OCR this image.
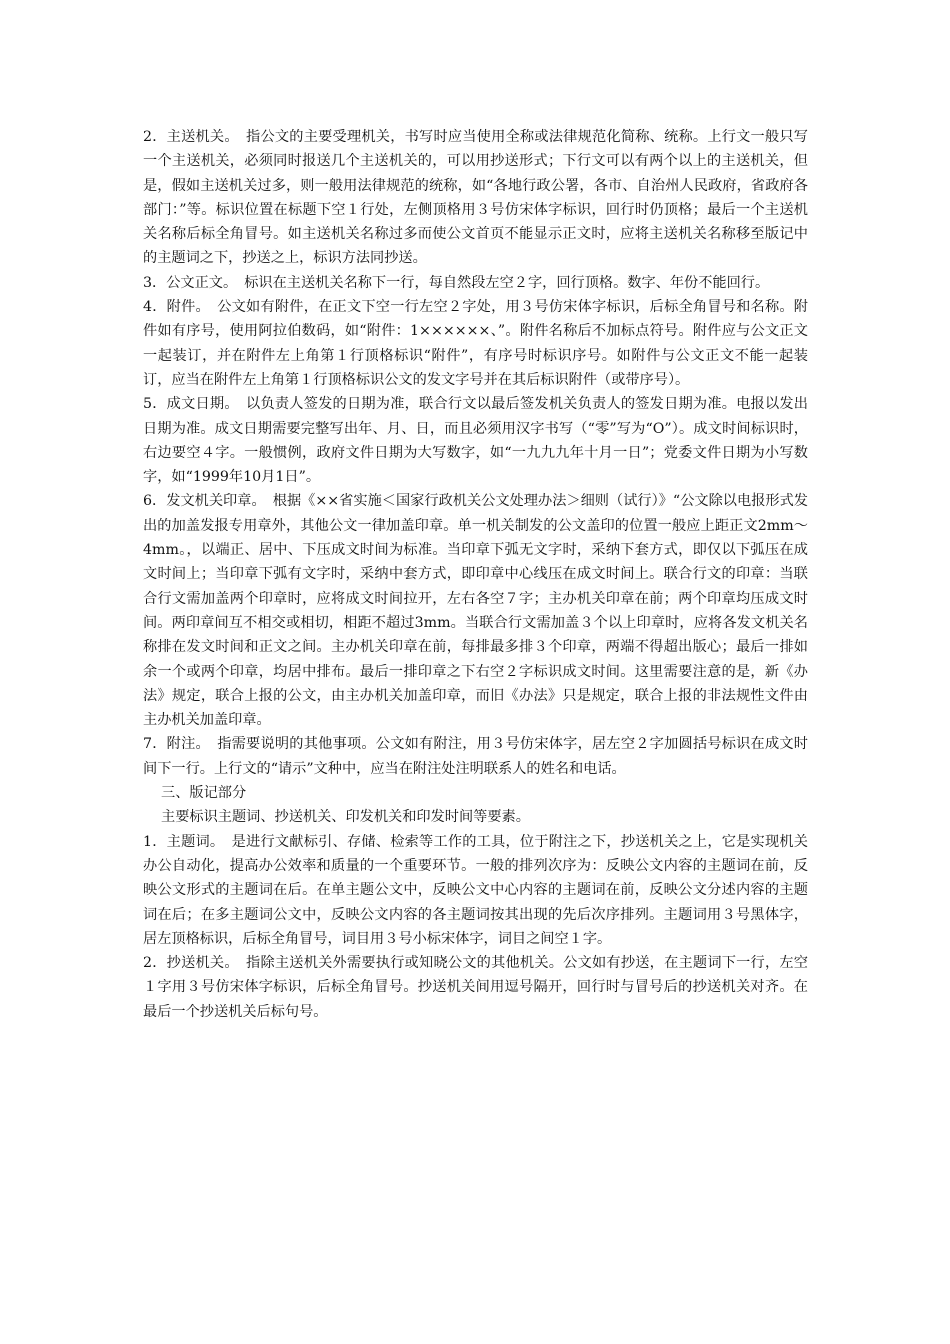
2．主送机关。　指公文的主要受理机关，书写时应当使用全称或法律规范化简称、统称。上行文一般只写一个主送机关，必须同时报送几个主送机关的，可以用抄送形式；下行文可以有两个以上的主送机关，但是，假如主送机关过多，则一般用法律规范的统称，如“各地行政公署，各市、自治州人民政府，省政府各部门：”等。标识位置在标题下空１行处，左侧顶格用３号仿宋体字标识，回行时仍顶格；最后一个主送机关名称后标全角冒号。如主送机关名称过多而使公文首页不能显示正文时，应将主送机关名称移至版记中的主题词之下，抄送之上，标识方法同抄送。

3．公文正文。　标识在主送机关名称下一行，每自然段左空２字，回行顶格。数字、年份不能回行。

4．附件。　公文如有附件，在正文下空一行左空２字处，用３号仿宋体字标识，后标全角冒号和名称。附件如有序号，使用阿拉伯数码，如“附件：1××××××、”。附件名称后不加标点符号。附件应与公文正文一起装订，并在附件左上角第１行顶格标识“附件”，有序号时标识序号。如附件与公文正文不能一起装订，应当在附件左上角第１行顶格标识公文的发文字号并在其后标识附件（或带序号）。

5．成文日期。　以负责人签发的日期为准，联合行文以最后签发机关负责人的签发日期为准。电报以发出日期为准。成文日期需要完整写出年、月、日，而且必须用汉字书写（“零”写为“O”）。成文时间标识时，右边要空４字。一般惯例，政府文件日期为大写数字，如“一九九九年十月一日”；党委文件日期为小写数字，如“1999年10月1日”。

6．发文机关印章。　根据《××省实施＜国家行政机关公文处理办法＞细则（试行）》“公文除以电报形式发出的加盖发报专用章外，其他公文一律加盖印章。单一机关制发的公文盖印的位置一般应上距正文2mm～4mm。，以端正、居中、下压成文时间为标准。当印章下弧无文字时，采纳下套方式，即仅以下弧压在成文时间上；当印章下弧有文字时，采纳中套方式，即印章中心线压在成文时间上。联合行文的印章：当联合行文需加盖两个印章时，应将成文时间拉开，左右各空７字；主办机关印章在前；两个印章均压成文时间。两印章间互不相交或相切，相距不超过3mm。当联合行文需加盖３个以上印章时，应将各发文机关名称排在发文时间和正文之间。主办机关印章在前，每排最多排３个印章，两端不得超出版心；最后一排如余一个或两个印章，均居中排布。最后一排印章之下右空２字标识成文时间。这里需要注意的是，新《办法》规定，联合上报的公文，由主办机关加盖印章，而旧《办法》只是规定，联合上报的非法规性文件由主办机关加盖印章。

7．附注。　指需要说明的其他事项。公文如有附注，用３号仿宋体字，居左空２字加圆括号标识在成文时间下一行。上行文的“请示”文种中，应当在附注处注明联系人的姓名和电话。

三、版记部分

主要标识主题词、抄送机关、印发机关和印发时间等要素。

1．主题词。　是进行文献标引、存储、检索等工作的工具，位于附注之下，抄送机关之上，它是实现机关办公自动化，提高办公效率和质量的一个重要环节。一般的排列次序为：反映公文内容的主题词在前，反映公文形式的主题词在后。在单主题公文中，反映公文中心内容的主题词在前，反映公文分述内容的主题词在后；在多主题词公文中，反映公文内容的各主题词按其出现的先后次序排列。主题词用３号黑体字，居左顶格标识，后标全角冒号，词目用３号小标宋体字，词目之间空１字。

2．抄送机关。　指除主送机关外需要执行或知晓公文的其他机关。公文如有抄送，在主题词下一行，左空１字用３号仿宋体字标识，后标全角冒号。抄送机关间用逗号隔开，回行时与冒号后的抄送机关对齐。在最后一个抄送机关后标句号。
